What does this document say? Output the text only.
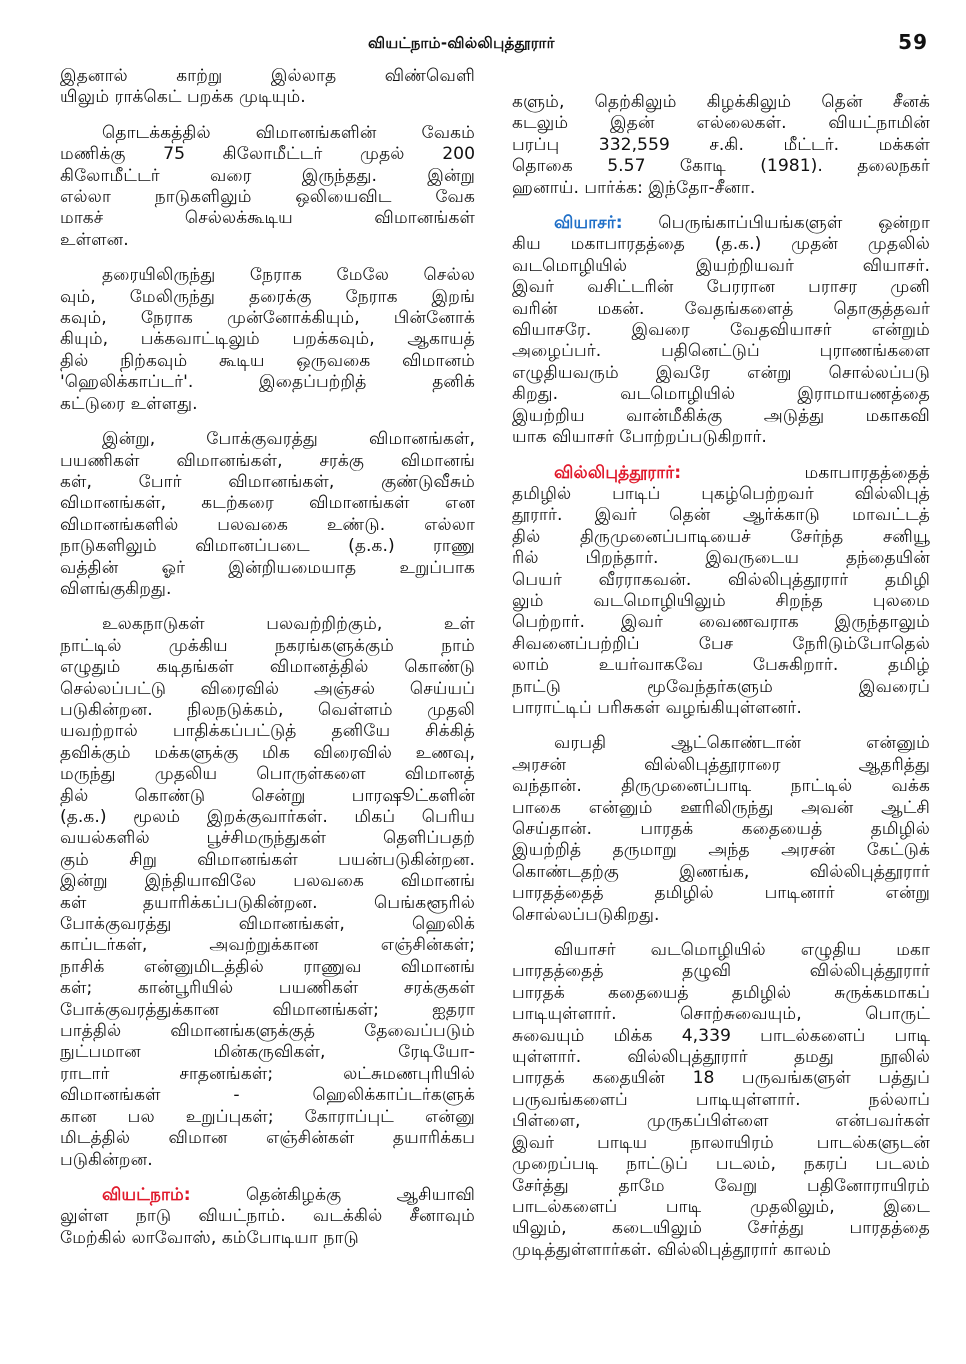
வியட்நாம்-வில்லிபுத்தூரார்	59
இதனால் காற்று இல்லாத விண்வெளி
யிலும் ராக்கெட் பறக்க முடியும்.
தொடக்கத்தில் விமானங்களின் வேகம்
மணிக்கு 75 கிலோமீட்டர் முதல் 200
கிலோமீட்டர் வரை இருந்தது. இன்று
எல்லா நாடுகளிலும் ஒலியைவிட வேக
மாகச் செல்லக்கூடிய விமானங்கள்
உள்ளன.
தரையிலிருந்து நேராக மேலே செல்ல
வும், மேலிருந்து தரைக்கு நேராக இறங்
கவும், நேராக முன்னோக்கியும், பின்னோக்
கியும், பக்கவாட்டிலும் பறக்கவும், ஆகாயத்
தில் நிற்கவும் கூடிய ஒருவகை விமானம்
'ஹெலிக்காப்டர்'. இதைப்பற்றித் தனிக்
கட்டுரை உள்ளது.
இன்று, போக்குவரத்து விமானங்கள்,
பயணிகள் விமானங்கள், சரக்கு விமானங்
கள், போர் விமானங்கள், குண்டுவீசும்
விமானங்கள், கடற்கரை விமானங்கள் என
விமானங்களில் பலவகை உண்டு. எல்லா
நாடுகளிலும் விமானப்படை (த.க.) ராணு
வத்தின் ஓர் இன்றியமையாத உறுப்பாக
விளங்குகிறது.
உலகநாடுகள் பலவற்றிற்கும், உள்
நாட்டில் முக்கிய நகரங்களுக்கும் நாம்
எழுதும் கடிதங்கள் விமானத்தில் கொண்டு
செல்லப்பட்டு விரைவில் அஞ்சல் செய்யப்
படுகின்றன. நிலநடுக்கம், வெள்ளம் முதலி
யவற்றால் பாதிக்கப்பட்டுத் தனியே சிக்கித்
தவிக்கும் மக்களுக்கு மிக விரைவில் உணவு,
மருந்து முதலிய பொருள்களை விமானத்
தில் கொண்டு சென்று பாரஷூட்களின்
(த.க.) மூலம் இறக்குவார்கள். மிகப் பெரிய
வயல்களில் பூச்சிமருந்துகள் தெளிப்பதற்
கும் சிறு விமானங்கள் பயன்படுகின்றன.
இன்று இந்தியாவிலே பலவகை விமானங்
கள் தயாரிக்கப்படுகின்றன. பெங்களூரில்
போக்குவரத்து விமானங்கள், ஹெலிக்
காப்டர்கள், அவற்றுக்கான எஞ்சின்கள்;
நாசிக் என்னுமிடத்தில் ராணுவ விமானங்
கள்; கான்பூரியில் பயணிகள் சரக்குகள்
போக்குவரத்துக்கான விமானங்கள்; ஐதரா
பாத்தில் விமானங்களுக்குத் தேவைப்படும்
நுட்பமான மின்கருவிகள், ரேடியோ-
ராடார் சாதனங்கள்; லட்சுமணபுரியில்
விமானங்கள் - ஹெலிக்காப்டர்களுக்
கான பல உறுப்புகள்; கோராப்புட் என்னு
மிடத்தில் விமான எஞ்சின்கள் தயாரிக்கப
படுகின்றன.
வியட்நாம்: தென்கிழக்கு ஆசியாவி
லுள்ள நாடு வியட்நாம். வடக்கில் சீனாவும்
மேற்கில் லாவோஸ், கம்போடியா நாடு
களும், தெற்கிலும் கிழக்கிலும் தென் சீனக்
கடலும் இதன் எல்லைகள். வியட்நாமின்
பரப்பு 332,559 ச.கி. மீட்டர். மக்கள்
தொகை 5.57 கோடி (1981). தலைநகர்
ஹனாய். பார்க்க: இந்தோ-சீனா.
வியாசர்: பெருங்காப்பியங்களுள் ஒன்றா
கிய மகாபாரதத்தை (த.க.) முதன் முதலில்
வடமொழியில் இயற்றியவர் வியாசர்.
இவர் வசிட்டரின் பேரரான பராசர முனி
வரின் மகன். வேதங்களைத் தொகுத்தவர்
வியாசரே. இவரை வேதவியாசர் என்றும்
அழைப்பர். பதினெட்டுப் புராணங்களை
எழுதியவரும் இவரே என்று சொல்லப்படு
கிறது. வடமொழியில் இராமாயணத்தை
இயற்றிய வான்மீகிக்கு அடுத்து மகாகவி
யாக வியாசர் போற்றப்படுகிறார்.
வில்லிபுத்தூரார்: மகாபாரதத்தைத்
தமிழில் பாடிப் புகழ்பெற்றவர் வில்லிபுத்
தூரார். இவர் தென் ஆர்க்காடு மாவட்டத்
தில் திருமுனைப்பாடியைச் சேர்ந்த சனியூ
ரில் பிறந்தார். இவருடைய தந்தையின்
பெயர் வீரராகவன். வில்லிபுத்தூரார் தமிழி
லும் வடமொழியிலும் சிறந்த புலமை
பெற்றார். இவர் வைணவராக இருந்தாலும்
சிவனைப்பற்றிப் பேச நேரிடும்போதெல்
லாம் உயர்வாகவே பேசுகிறார். தமிழ்
நாட்டு மூவேந்தர்களும் இவரைப்
பாராட்டிப் பரிசுகள் வழங்கியுள்ளனர்.
வரபதி ஆட்கொண்டான் என்னும்
அரசன் வில்லிபுத்தூராரை ஆதரித்து
வந்தான். திருமுனைப்பாடி நாட்டில் வக்க
பாகை என்னும் ஊரிலிருந்து அவன் ஆட்சி
செய்தான். பாரதக் கதையைத் தமிழில்
இயற்றித் தருமாறு அந்த அரசன் கேட்டுக்
கொண்டதற்கு இணங்க, வில்லிபுத்தூரார்
பாரதத்தைத் தமிழில் பாடினார் என்று
சொல்லப்படுகிறது.
வியாசர் வடமொழியில் எழுதிய மகா
பாரதத்தைத் தழுவி வில்லிபுத்தூரார்
பாரதக் கதையைத் தமிழில் சுருக்கமாகப்
பாடியுள்ளார். சொற்சுவையும், பொருட்
சுவையும் மிக்க 4,339 பாடல்களைப் பாடி
யுள்ளார். வில்லிபுத்தூரார் தமது நூலில்
பாரதக் கதையின் 18 பருவங்களுள் பத்துப்
பருவங்களைப் பாடியுள்ளார். நல்லாப்
பிள்ளை, முருகப்பிள்ளை என்பவர்கள்
இவர் பாடிய நாலாயிரம் பாடல்களுடன்
முறைப்படி நாட்டுப் படலம், நகரப் படலம்
சேர்த்து தாமே வேறு பதினோராயிரம்
பாடல்களைப் பாடி முதலிலும், இடை
யிலும், கடையிலும் சேர்த்து பாரதத்தை
முடித்துள்ளார்கள். வில்லிபுத்தூரார் காலம்
